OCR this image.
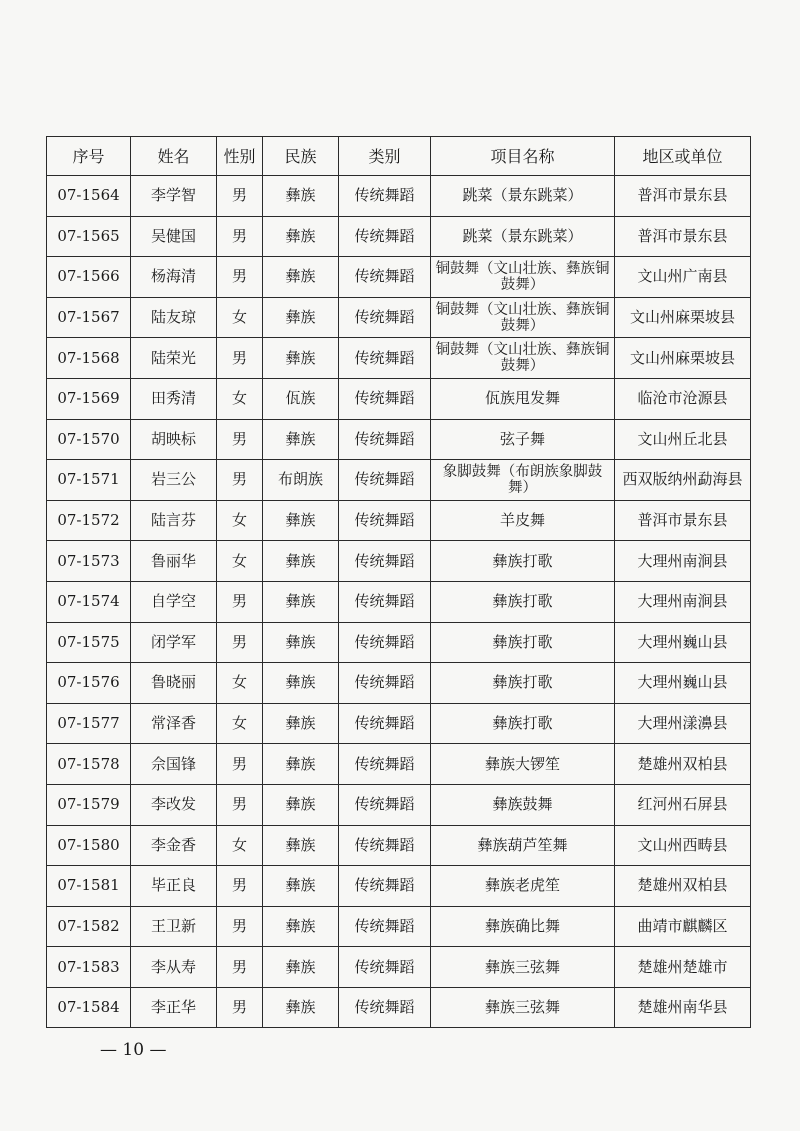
序号	姓名	性别	民族	类别	项目名称	地区或单位
07-1564	李学智	男	彝族	传统舞蹈	跳菜（景东跳菜）	普洱市景东县
07-1565	吴健国	男	彝族	传统舞蹈	跳菜（景东跳菜）	普洱市景东县
07-1566	杨海清	男	彝族	传统舞蹈	铜鼓舞（文山壮族、彝族铜鼓舞）	文山州广南县
07-1567	陆友琼	女	彝族	传统舞蹈	铜鼓舞（文山壮族、彝族铜鼓舞）	文山州麻栗坡县
07-1568	陆荣光	男	彝族	传统舞蹈	铜鼓舞（文山壮族、彝族铜鼓舞）	文山州麻栗坡县
07-1569	田秀清	女	佤族	传统舞蹈	佤族甩发舞	临沧市沧源县
07-1570	胡映标	男	彝族	传统舞蹈	弦子舞	文山州丘北县
07-1571	岩三公	男	布朗族	传统舞蹈	象脚鼓舞（布朗族象脚鼓舞）	西双版纳州勐海县
07-1572	陆言芬	女	彝族	传统舞蹈	羊皮舞	普洱市景东县
07-1573	鲁丽华	女	彝族	传统舞蹈	彝族打歌	大理州南涧县
07-1574	自学空	男	彝族	传统舞蹈	彝族打歌	大理州南涧县
07-1575	闭学军	男	彝族	传统舞蹈	彝族打歌	大理州巍山县
07-1576	鲁晓丽	女	彝族	传统舞蹈	彝族打歌	大理州巍山县
07-1577	常泽香	女	彝族	传统舞蹈	彝族打歌	大理州漾濞县
07-1578	佘国锋	男	彝族	传统舞蹈	彝族大锣笙	楚雄州双柏县
07-1579	李改发	男	彝族	传统舞蹈	彝族鼓舞	红河州石屏县
07-1580	李金香	女	彝族	传统舞蹈	彝族葫芦笙舞	文山州西畴县
07-1581	毕正良	男	彝族	传统舞蹈	彝族老虎笙	楚雄州双柏县
07-1582	王卫新	男	彝族	传统舞蹈	彝族确比舞	曲靖市麒麟区
07-1583	李从寿	男	彝族	传统舞蹈	彝族三弦舞	楚雄州楚雄市
07-1584	李正华	男	彝族	传统舞蹈	彝族三弦舞	楚雄州南华县
— 10 —
